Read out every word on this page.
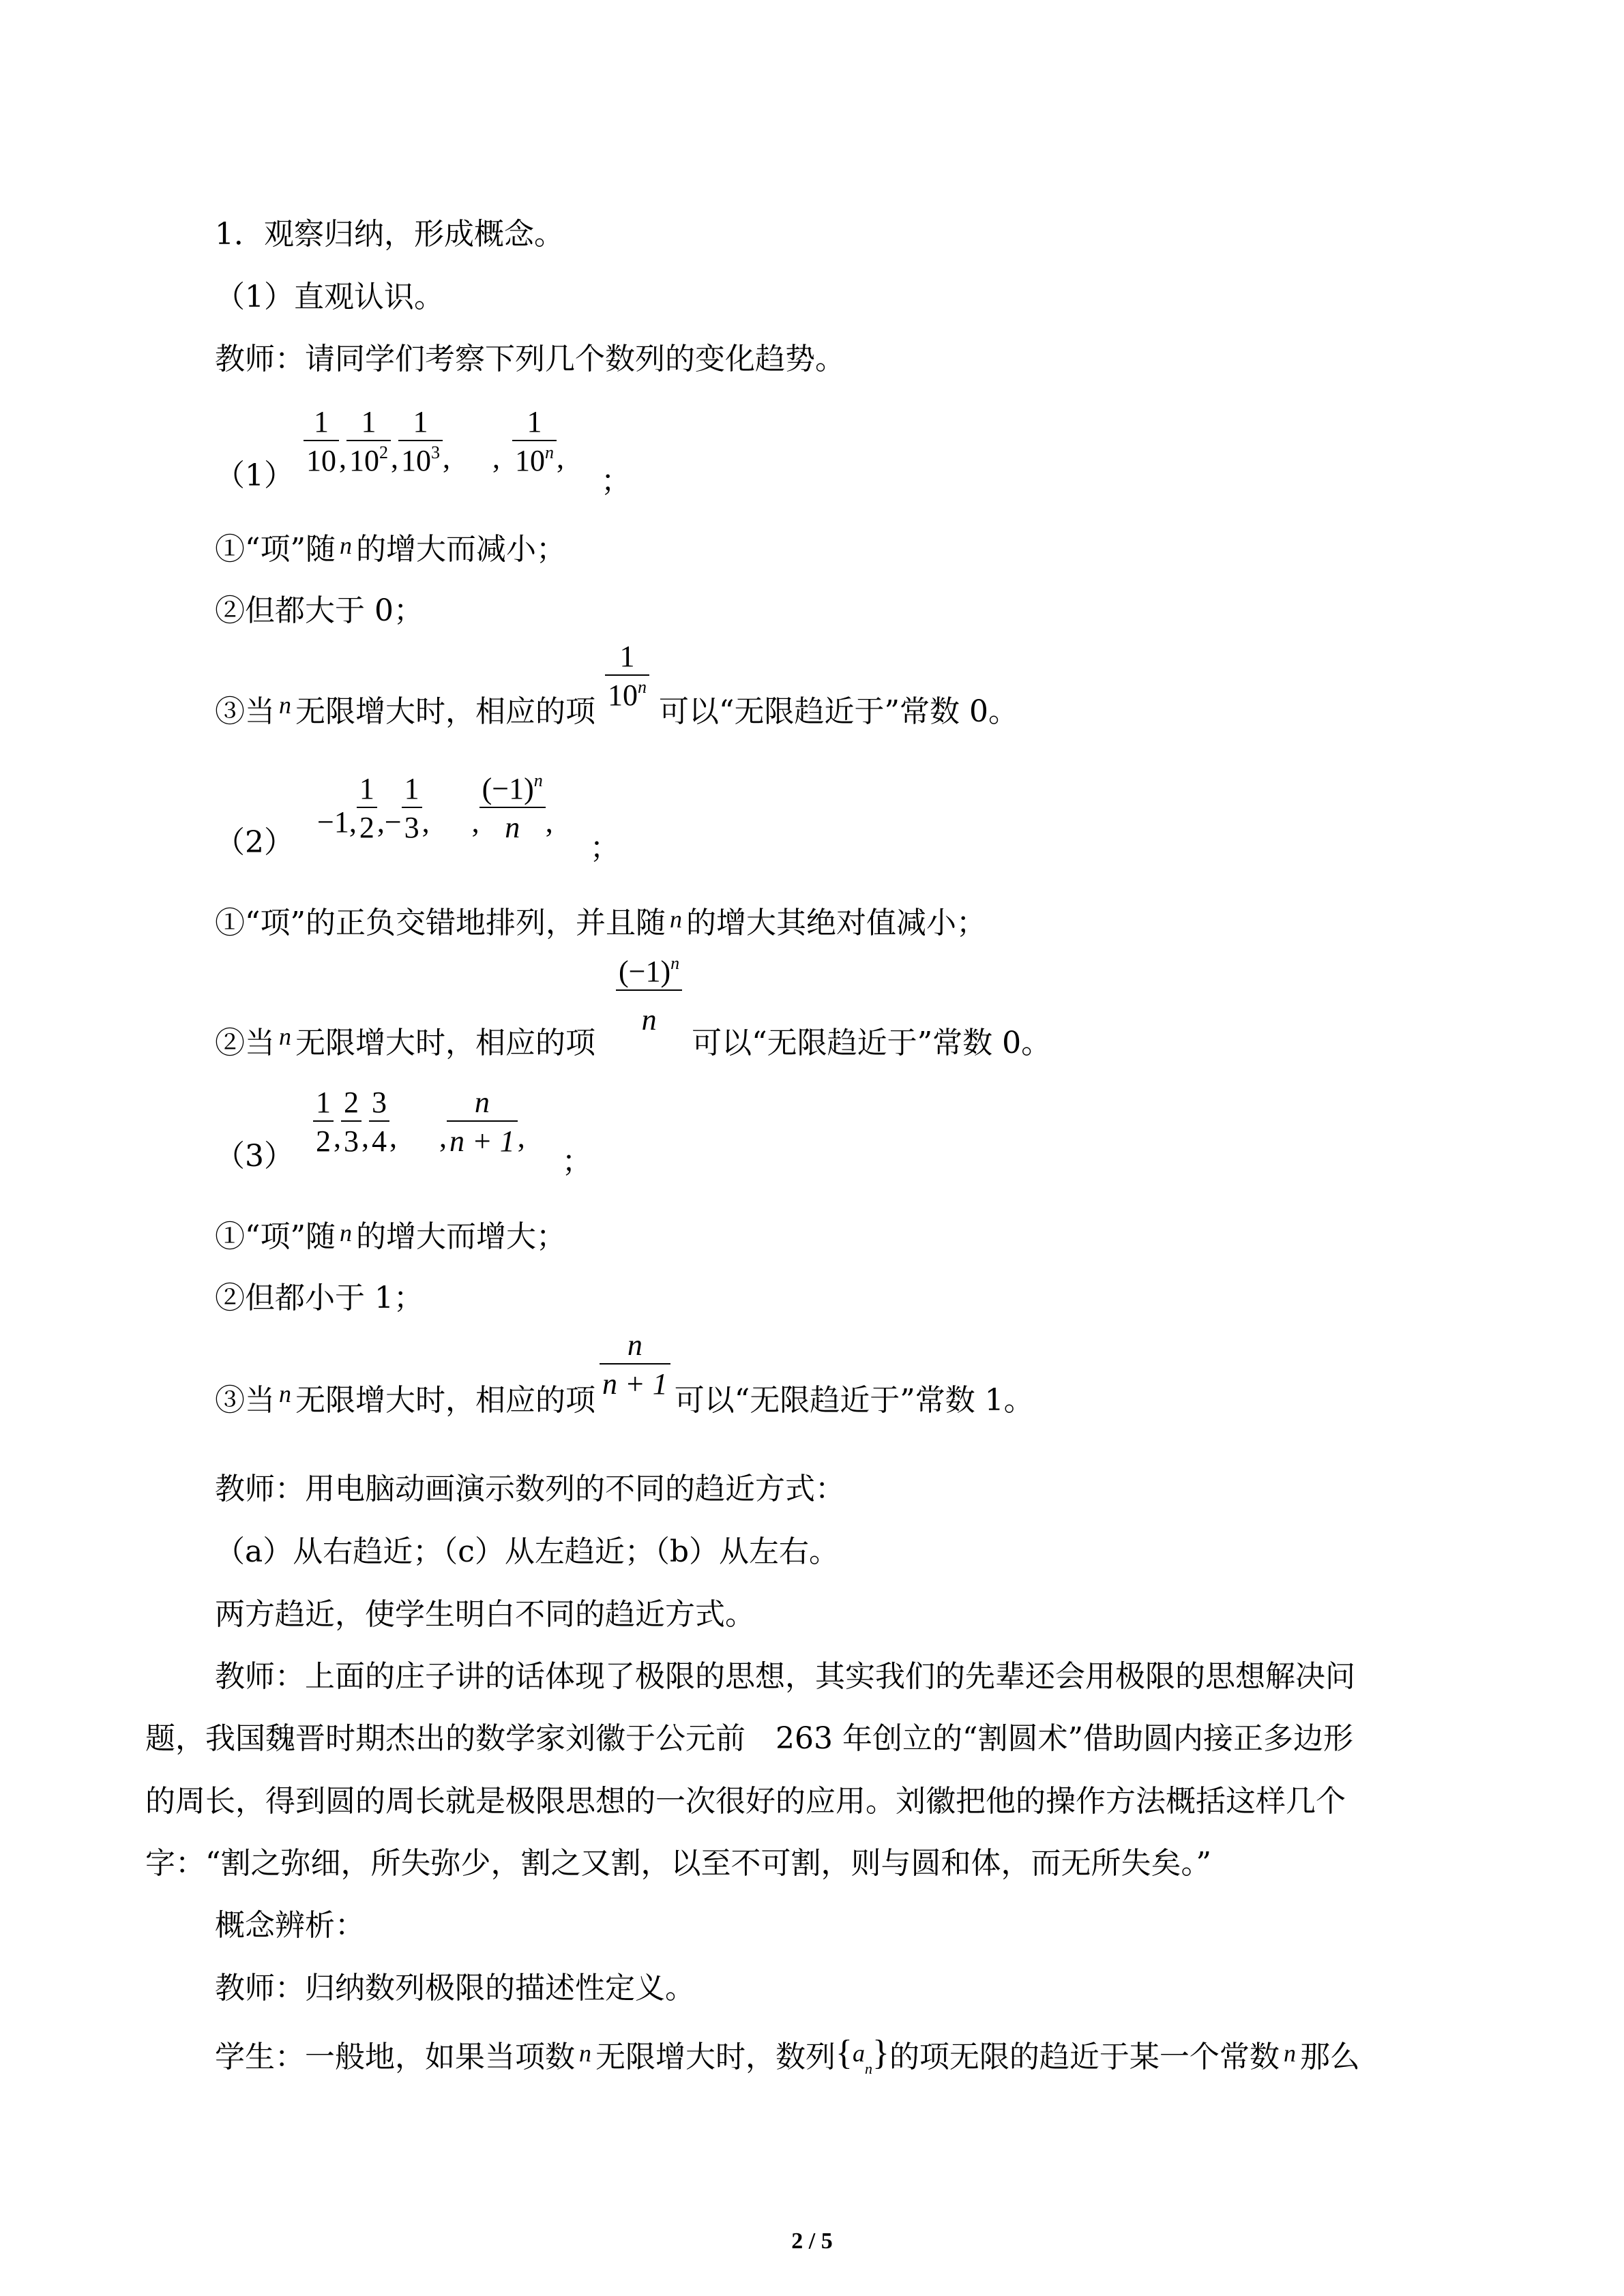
1．观察归纳，形成概念。
（1）直观认识。
教师：请同学们考察下列几个数列的变化趋势。
$(1) \frac{1}{10}$ , $\frac{1}{10^2}$ , $\frac{1}{10^3}$ , , $\frac{1}{10^n}$ , ；
①“项”随 n 的增大而减小；
②但都大于 0；
③当 n 无限增大时，相应的项 $\frac{1}{10^n}$ 可以“无限趋近于”常数 0。
（2） −1, $\frac{1}{2}$ ,− $\frac{1}{3}$ , , $\frac{(-1)^n}{n}$ , ；
①“项”的正负交错地排列，并且随 n 的增大其绝对值减小；
②当 n 无限增大时，相应的项
$\frac{(-1)^n}{n}$
可以“无限趋近于”常数 0。
$(3) \frac{1}{2}$ , $\frac{2}{3}$ , $\frac{3}{4}$ , , $\frac{n}{n + 1}$ , ；
①“项”随 n 的增大而增大；
②但都小于 1；
③当 n 无限增大时，相应的项 $\frac{n}{n + 1}$ 可以“无限趋近于”常数 1。
教师：用电脑动画演示数列的不同的趋近方式：
（a）从右趋近；（c）从左趋近；（b）从左右。
两方趋近，使学生明白不同的趋近方式。
教师：上面的庄子讲的话体现了极限的思想，其实我们的先辈还会用极限的思想解决问
题，我国魏晋时期杰出的数学家刘徽于公元前　263 年创立的“割圆术”借助圆内接正多边形
的周长，得到圆的周长就是极限思想的一次很好的应用。刘徽把他的操作方法概括这样几个
字：“割之弥细，所失弥少，割之又割，以至不可割，则与圆和体，而无所失矣。”
概念辨析：
教师：归纳数列极限的描述性定义。
学生：一般地，如果当项数 n 无限增大时，数列$\{a_n\}$的项无限的趋近于某一个常数 n 那么
2 / 5
